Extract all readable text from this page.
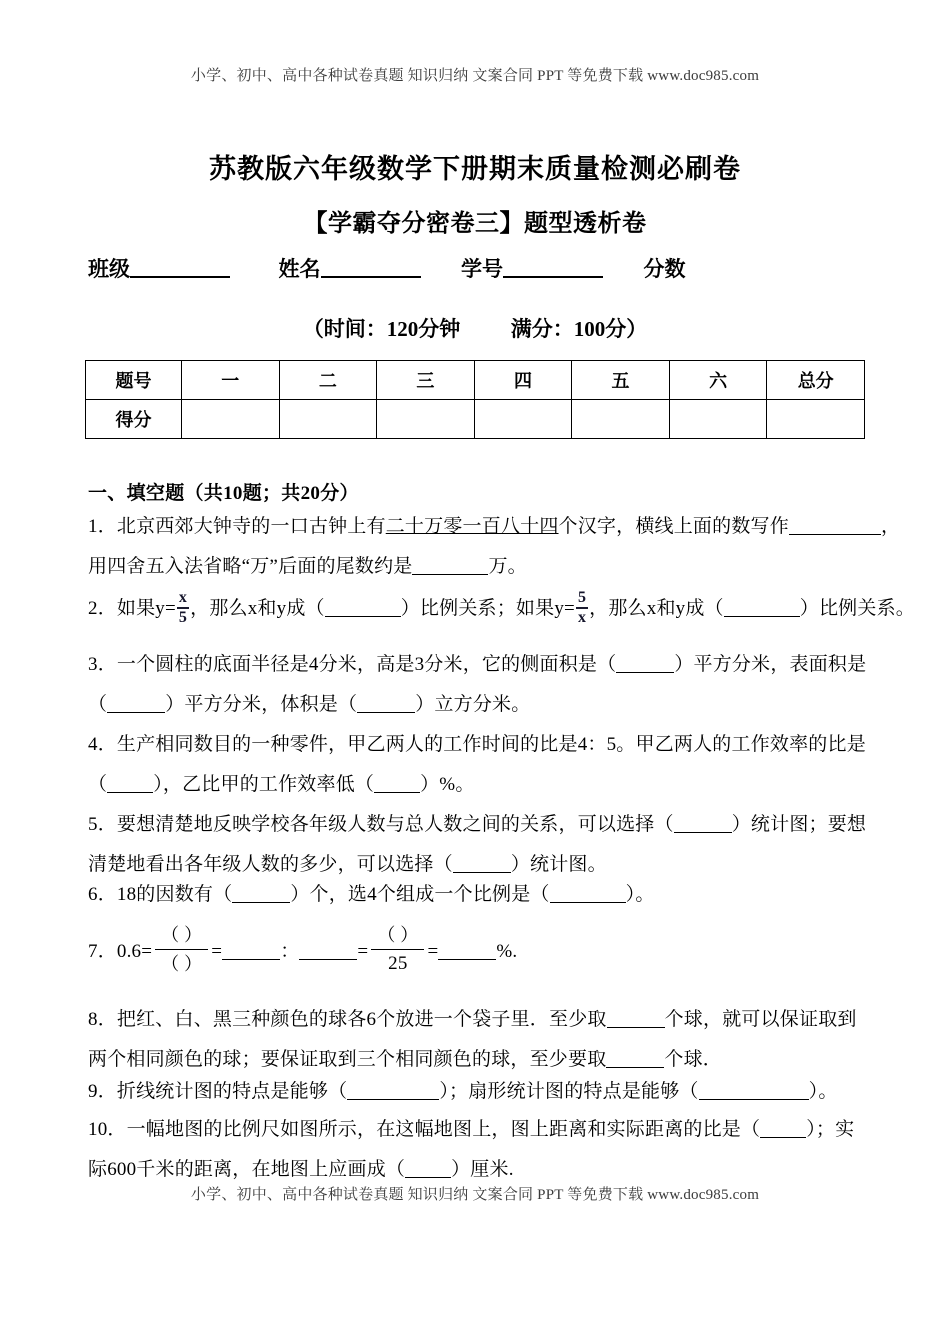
小学、初中、高中各种试卷真题 知识归纳 文案合同 PPT 等免费下载 www.doc985.com
苏教版六年级数学下册期末质量检测必刷卷
【学霸夺分密卷三】题型透析卷
班级	姓名	学号	分数
（时间：120分钟 满分：100分）
题号	一	二	三	四	五	六	总分
得分							
一、填空题（共10题；共20分）
1．北京西郊大钟寺的一口古钟上有二十万零一百八十四个汉字，横线上面的数写作	，
用四舍五入法省略“万”后面的尾数约是	万。
2．如果$y= \frac{x}{5}$ ，那么x和y成（	）比例关系；如果$y= \frac{5}{x}$ ，那么x和y成（	）比例关系。
3．一个圆柱的底面半径是4分米，高是3分米，它的侧面积是（	）平方分米，表面积是
（	）平方分米，体积是（	）立方分米。
4．生产相同数目的一种零件，甲乙两人的工作时间的比是4：5。甲乙两人的工作效率的比是
（ ），乙比甲的工作效率低（ ）%。
5．要想清楚地反映学校各年级人数与总人数之间的关系，可以选择（	）统计图；要想
清楚地看出各年级人数的多少，可以选择（	）统计图。
6．18的因数有（	）个，选4个组成一个比例是（	）。
7．$0.6= \frac{( )}{( )}$ =	：	= $\frac{( )}{25}$ =	%.
8．把红、白、黑三种颜色的球各6个放进一个袋子里．至少取	个球，就可以保证取到
两个相同颜色的球；要保证取到三个相同颜色的球，至少要取	个球．
9．折线统计图的特点是能够（	）；扇形统计图的特点是能够（	）。
10．一幅地图的比例尺如图所示，在这幅地图上，图上距离和实际距离的比是（ ）；实
际600千米的距离，在地图上应画成（ ）厘米.
小学、初中、高中各种试卷真题 知识归纳 文案合同 PPT 等免费下载 www.doc985.com
